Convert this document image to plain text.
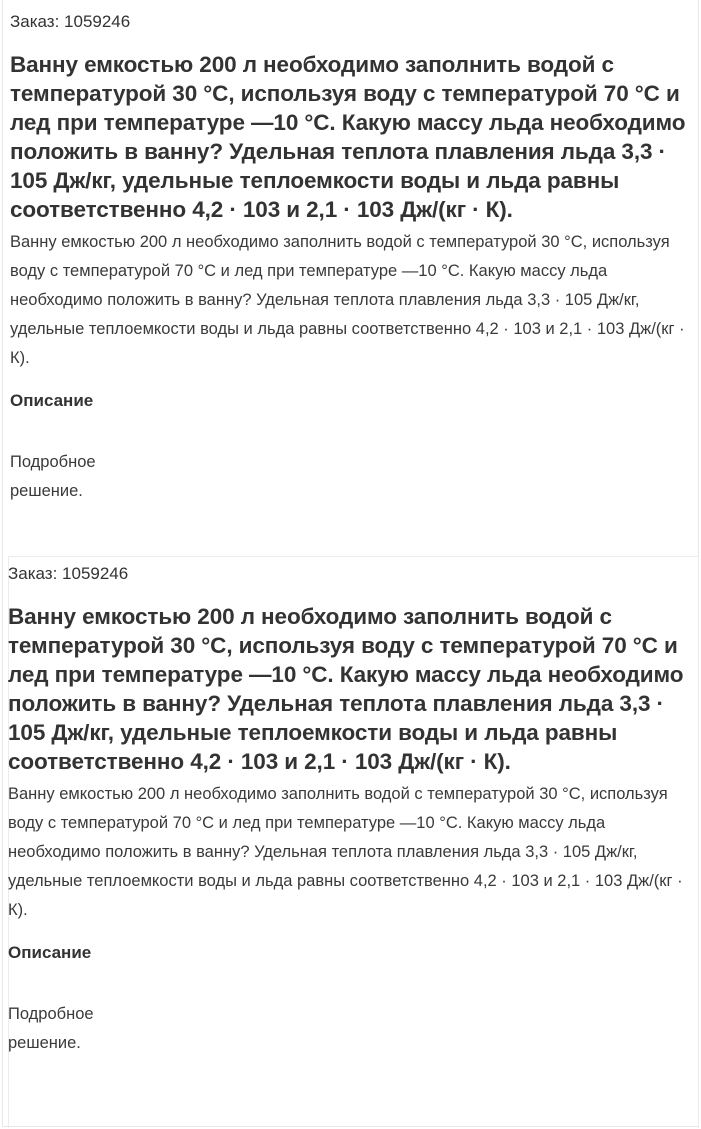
Заказ: 1059246
Ванну емкостью 200 л необходимо заполнить водой с температурой 30 °С, используя воду с температурой 70 °С и лед при температуре —10 °С. Какую массу льда необходимо положить в ванну? Удельная теплота плавления льда 3,3 · 105 Дж/кг, удельные теплоемкости воды и льда равны соответственно 4,2 · 103 и 2,1 · 103 Дж/(кг · К).
Ванну емкостью 200 л необходимо заполнить водой с температурой 30 °С, используя воду с температурой 70 °С и лед при температуре —10 °С. Какую массу льда необходимо положить в ванну? Удельная теплота плавления льда 3,3 · 105 Дж/кг, удельные теплоемкости воды и льда равны соответственно 4,2 · 103 и 2,1 · 103 Дж/(кг · К).
Описание
Подробное решение.
Заказ: 1059246
Ванну емкостью 200 л необходимо заполнить водой с температурой 30 °С, используя воду с температурой 70 °С и лед при температуре —10 °С. Какую массу льда необходимо положить в ванну? Удельная теплота плавления льда 3,3 · 105 Дж/кг, удельные теплоемкости воды и льда равны соответственно 4,2 · 103 и 2,1 · 103 Дж/(кг · К).
Ванну емкостью 200 л необходимо заполнить водой с температурой 30 °С, используя воду с температурой 70 °С и лед при температуре —10 °С. Какую массу льда необходимо положить в ванну? Удельная теплота плавления льда 3,3 · 105 Дж/кг, удельные теплоемкости воды и льда равны соответственно 4,2 · 103 и 2,1 · 103 Дж/(кг · К).
Описание
Подробное решение.
